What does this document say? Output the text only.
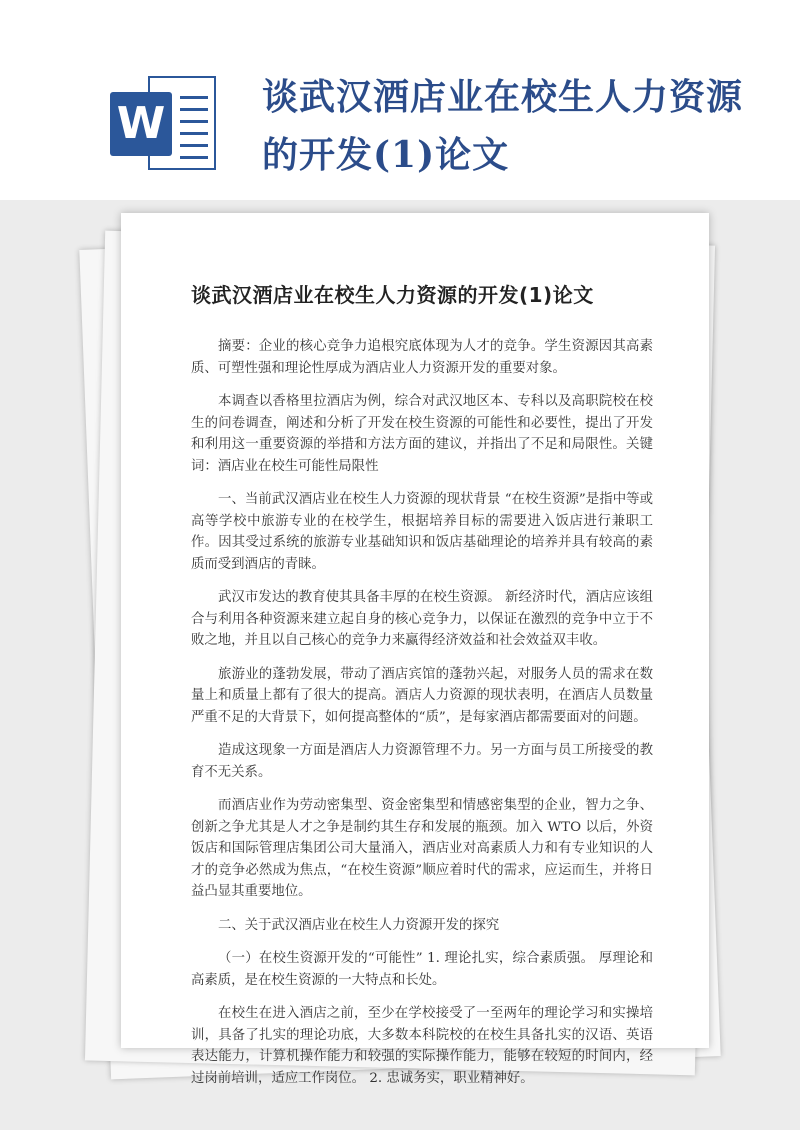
W
谈武汉酒店业在校生人力资源的开发(1)论文
谈武汉酒店业在校生人力资源的开发(1)论文

摘要：企业的核心竞争力追根究底体现为人才的竞争。学生资源因其高素质、可塑性强和理论性厚成为酒店业人力资源开发的重要对象。

本调查以香格里拉酒店为例，综合对武汉地区本、专科以及高职院校在校生的问卷调查，阐述和分析了开发在校生资源的可能性和必要性，提出了开发和利用这一重要资源的举措和方法方面的建议，并指出了不足和局限性。关键词：酒店业在校生可能性局限性

一、当前武汉酒店业在校生人力资源的现状背景 “在校生资源”是指中等或高等学校中旅游专业的在校学生，根据培养目标的需要进入饭店进行兼职工作。因其受过系统的旅游专业基础知识和饭店基础理论的培养并具有较高的素质而受到酒店的青睐。

武汉市发达的教育使其具备丰厚的在校生资源。 新经济时代，酒店应该组合与利用各种资源来建立起自身的核心竞争力，以保证在激烈的竞争中立于不败之地，并且以自己核心的竞争力来赢得经济效益和社会效益双丰收。

旅游业的蓬勃发展，带动了酒店宾馆的蓬勃兴起，对服务人员的需求在数量上和质量上都有了很大的提高。酒店人力资源的现状表明，在酒店人员数量严重不足的大背景下，如何提高整体的“质”，是每家酒店都需要面对的问题。

造成这现象一方面是酒店人力资源管理不力。另一方面与员工所接受的教育不无关系。

而酒店业作为劳动密集型、资金密集型和情感密集型的企业，智力之争、创新之争尤其是人才之争是制约其生存和发展的瓶颈。加入 WTO 以后，外资饭店和国际管理店集团公司大量涌入，酒店业对高素质人力和有专业知识的人才的竞争必然成为焦点，“在校生资源”顺应着时代的需求，应运而生，并将日益凸显其重要地位。

二、关于武汉酒店业在校生人力资源开发的探究

（一）在校生资源开发的“可能性” 1. 理论扎实，综合素质强。 厚理论和高素质，是在校生资源的一大特点和长处。

在校生在进入酒店之前，至少在学校接受了一至两年的理论学习和实操培训，具备了扎实的理论功底，大多数本科院校的在校生具备扎实的汉语、英语表达能力，计算机操作能力和较强的实际操作能力，能够在较短的时间内，经过岗前培训，适应工作岗位。 2. 忠诚务实，职业精神好。
